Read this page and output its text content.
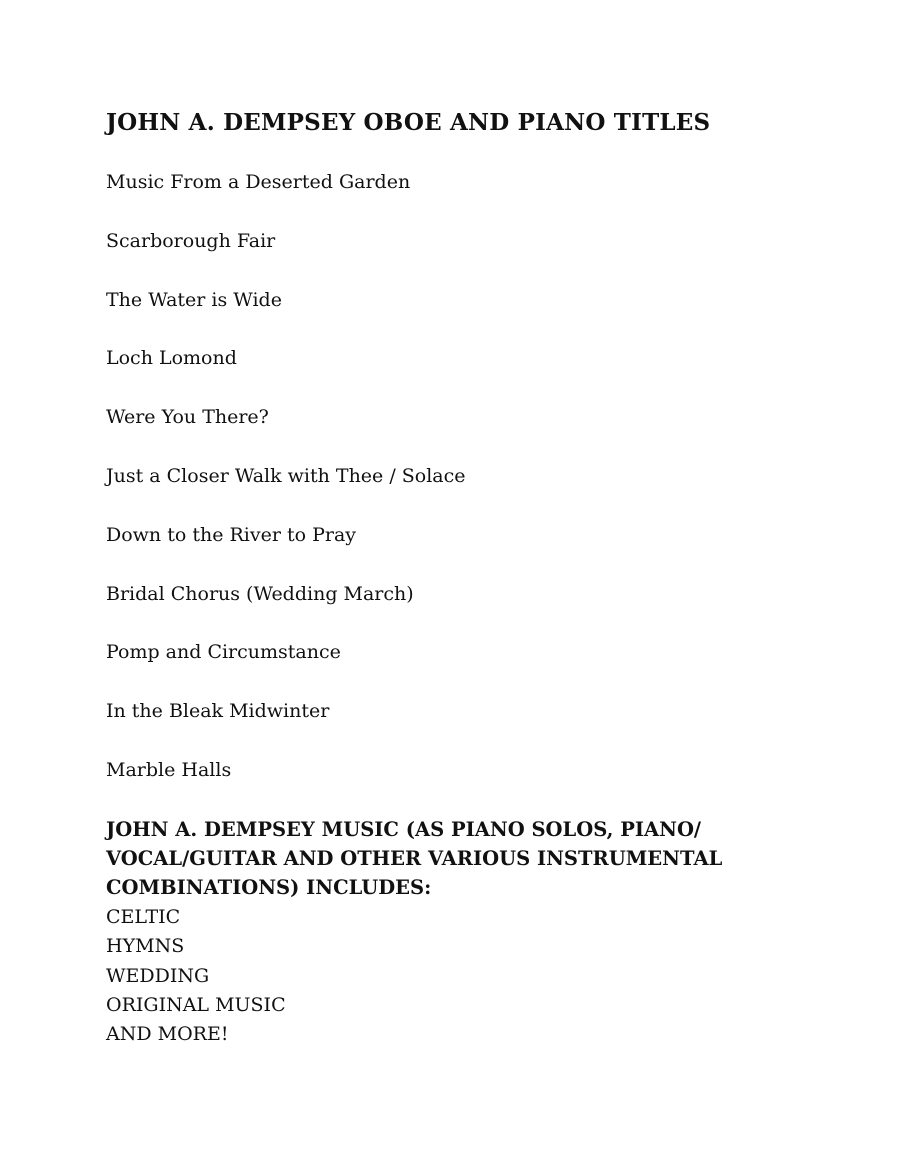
JOHN A. DEMPSEY OBOE AND PIANO TITLES
Music From a Deserted Garden
Scarborough Fair
The Water is Wide
Loch Lomond
Were You There?
Just a Closer Walk with Thee / Solace
Down to the River to Pray
Bridal Chorus (Wedding March)
Pomp and Circumstance
In the Bleak Midwinter
Marble Halls
JOHN A. DEMPSEY MUSIC (AS PIANO SOLOS, PIANO/ VOCAL/GUITAR AND OTHER VARIOUS INSTRUMENTAL COMBINATIONS) INCLUDES:
CELTIC
HYMNS
WEDDING
ORIGINAL MUSIC
AND MORE!
